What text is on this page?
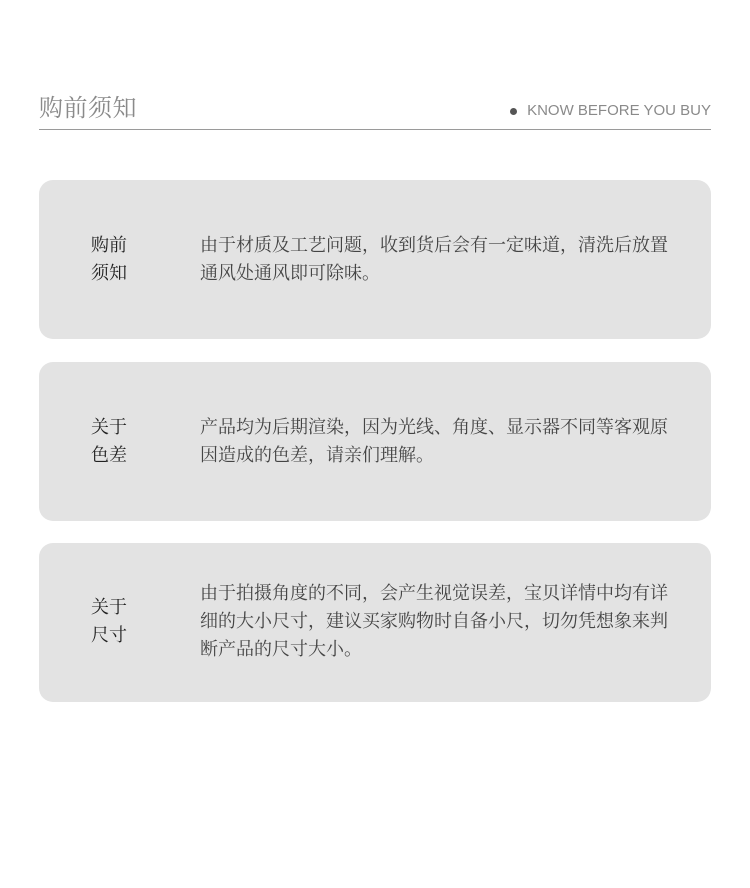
购前须知	KNOW BEFORE YOU BUY
购前
须知
由于材质及工艺问题，收到货后会有一定味道，清洗后放置通风处通风即可除味。
关于
色差
产品均为后期渲染，因为光线、角度、显示器不同等客观原因造成的色差，请亲们理解。
关于
尺寸
由于拍摄角度的不同，会产生视觉误差，宝贝详情中均有详细的大小尺寸，建议买家购物时自备小尺，切勿凭想象来判断产品的尺寸大小。
